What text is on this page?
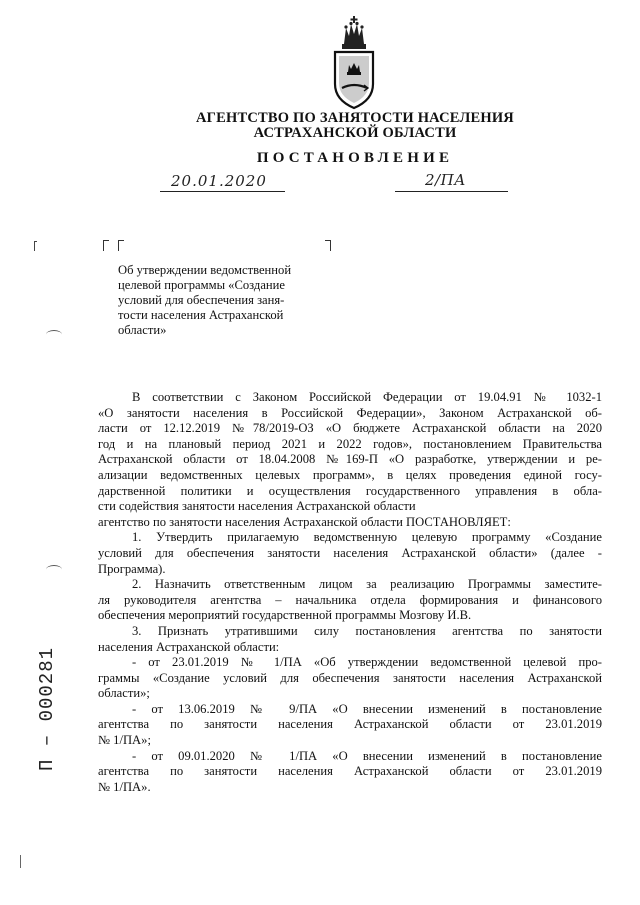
АГЕНТСТВО ПО ЗАНЯТОСТИ НАСЕЛЕНИЯ
АСТРАХАНСКОЙ ОБЛАСТИ
ПОСТАНОВЛЕНИЕ
20.01.2020	2/ПА
Об утверждении ведомственной
целевой программы «Создание
условий для обеспечения заня-
тости населения Астраханской
области»
В соответствии с Законом Российской Федерации от 19.04.91 № 1032-1
«О занятости населения в Российской Федерации», Законом Астраханской об-
ласти от 12.12.2019 №78/2019-ОЗ «О бюджете Астраханской области на 2020
год и на плановый период 2021 и 2022 годов», постановлением Правительства
Астраханской области от 18.04.2008 №169-П «О разработке, утверждении и ре-
ализации ведомственных целевых программ», в целях проведения единой госу-
дарственной политики и осуществления государственного управления в обла-
сти содействия занятости населения Астраханской области
агентство по занятости населения Астраханской области ПОСТАНОВЛЯЕТ:
1. Утвердить прилагаемую ведомственную целевую программу «Создание
условий для обеспечения занятости населения Астраханской области» (далее -
Программа).
2. Назначить ответственным лицом за реализацию Программы заместите-
ля руководителя агентства – начальника отдела формирования и финансового
обеспечения мероприятий государственной программы Мозгову И.В.
3. Признать утратившими силу постановления агентства по занятости
населения Астраханской области:
- от 23.01.2019 № 1/ПА «Об утверждении ведомственной целевой про-
граммы «Создание условий для обеспечения занятости населения Астраханской
области»;
- от 13.06.2019 № 9/ПА «О внесении изменений в постановление
агентства по занятости населения Астраханской области от 23.01.2019
№ 1/ПА»;
- от 09.01.2020 № 1/ПА «О внесении изменений в постановление
агентства по занятости населения Астраханской области от 23.01.2019
№ 1/ПА».
П – 000281
